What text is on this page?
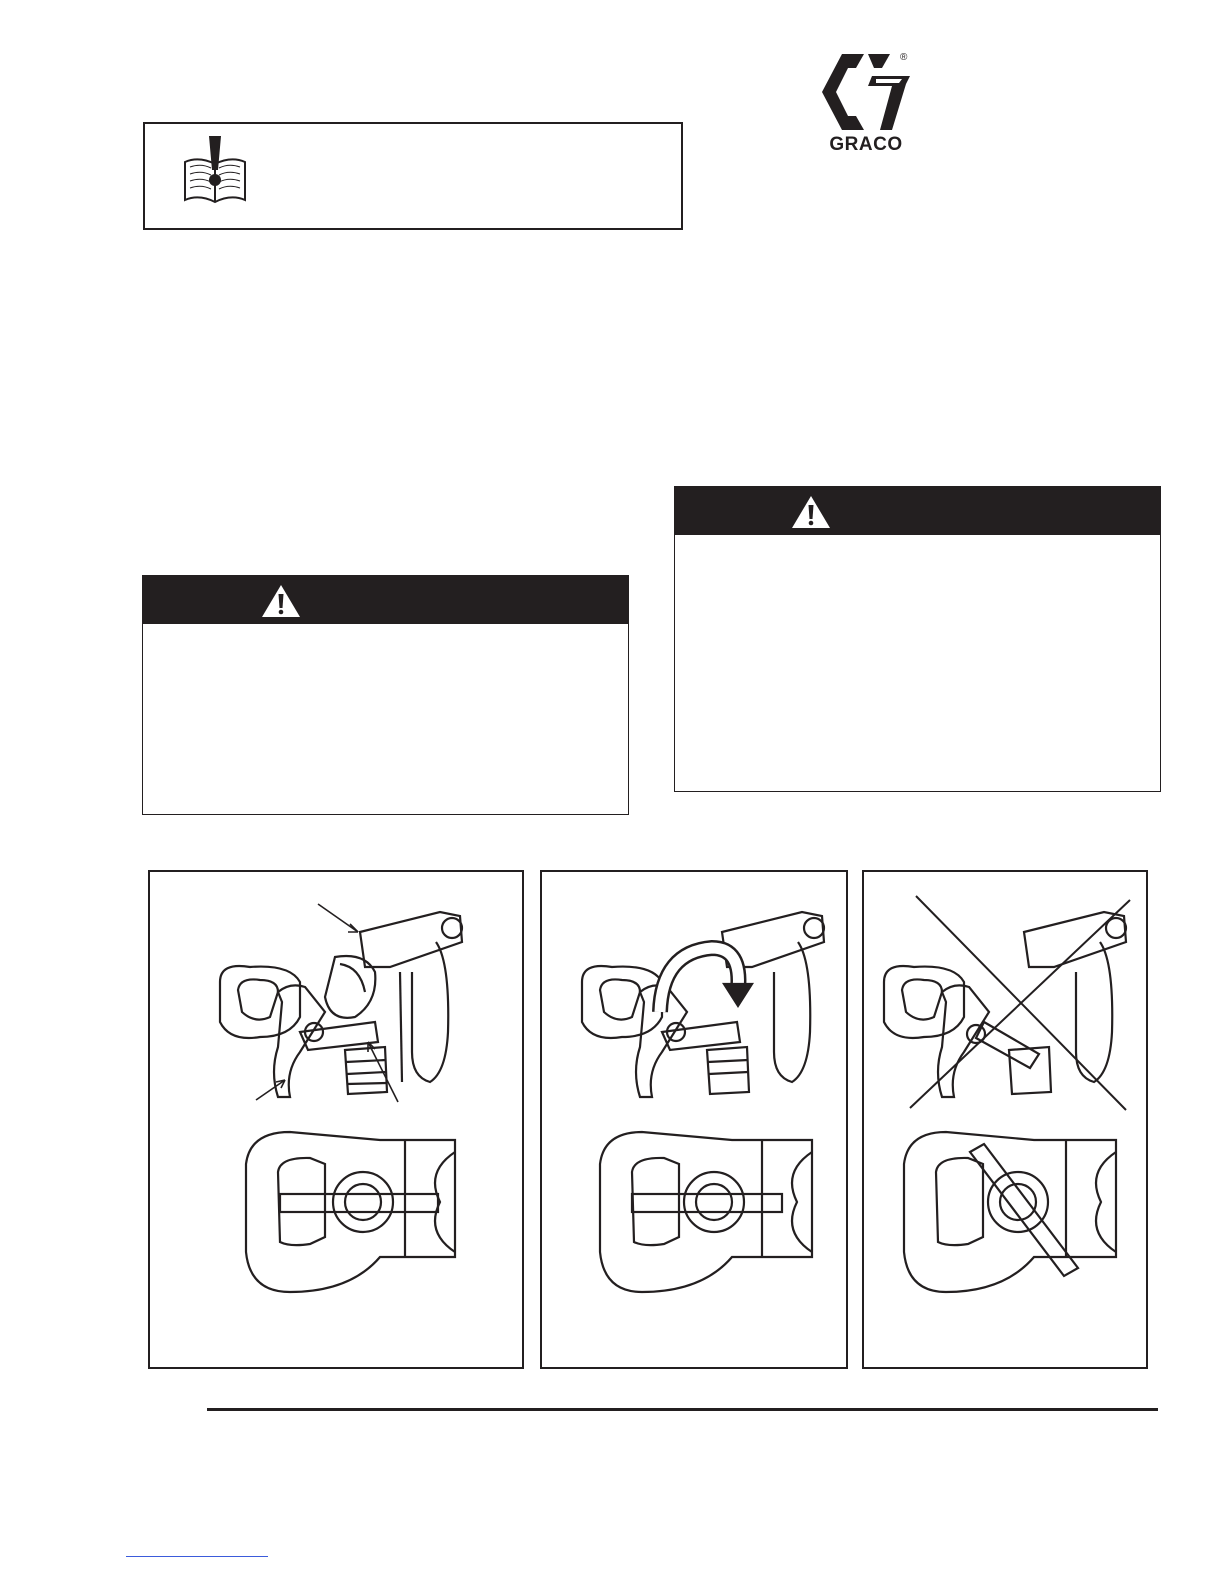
®
GRACO
